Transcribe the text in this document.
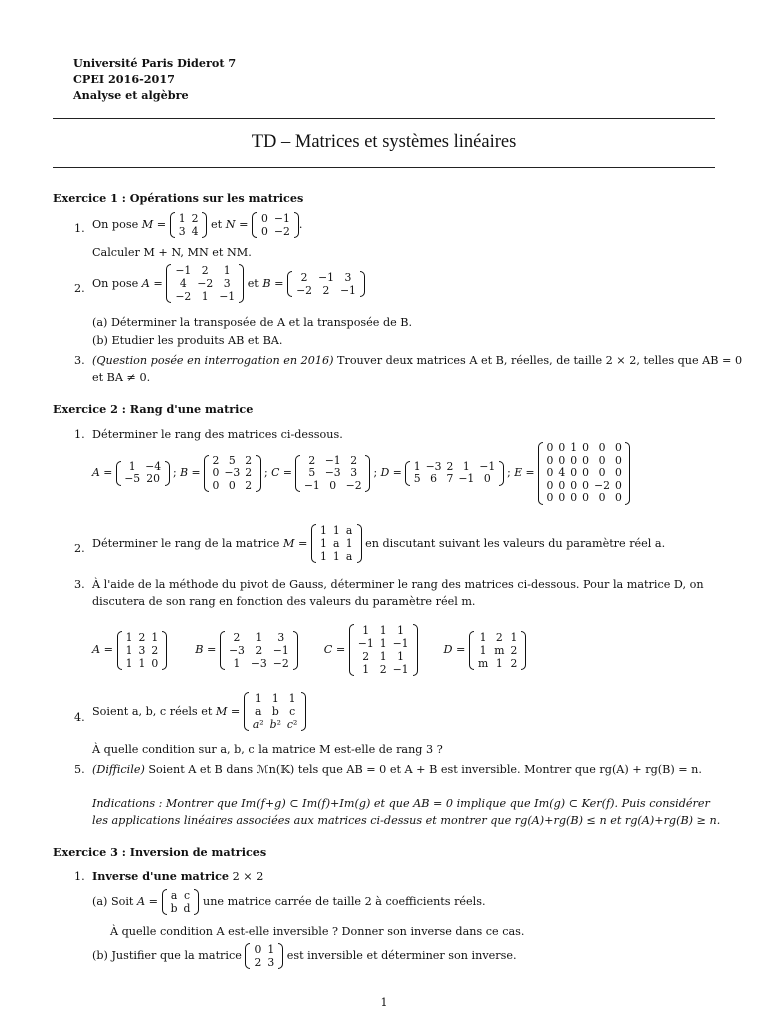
Université Paris Diderot 7
CPEI 2016-2017
Analyse et algèbre
TD – Matrices et systèmes linéaires
Exercice 1 : Opérations sur les matrices
1. On pose
M = 1	2
3	4

et
N = 0	−1
0	−2
.
Calculer M + N, MN et NM.
2. On pose
A =
−1	2	1
4	−2	3
−2	1	−1

et
B = 2	−1	3
−2	2	−1
(a) Déterminer la transposée de A et la transposée de B.
(b) Etudier les produits AB et BA.
3. (Question posée en interrogation en 2016) Trouver deux matrices A et B, réelles, de taille 2 × 2, telles que AB = 0
et BA ≠ 0.
Exercice 2 : Rang d'une matrice
1. Déterminer le rang des matrices ci-dessous.
A = 1	−4
−5	20 ; B =
2	5	2
0	−3	2
0	0	2
; C =
2	−1	2
5	−3	3
−1	0	−2
; D = 1	−3	2	1	−1
5	6	7	−1	0 ; E =
0	0	1	0	0	0
0	0	0	0	0	0
0	4	0	0	0	0
0	0	0	0	−2	0
0	0	0	0	0	0
2. Déterminer le rang de la matrice
M =
1	1	a
1	a	1
1	1	a

en discutant suivant les valeurs du paramètre réel a.
3. À l'aide de la méthode du pivot de Gauss, déterminer le rang des matrices ci-dessous. Pour la matrice D, on
discutera de son rang en fonction des valeurs du paramètre réel m.
A =
1	2	1
1	3	2
1	1	0
B =
2	1	3
−3	2	−1
1	−3	−2
C =
1	1	1
−1	1	−1
2	1	1
1	2	−1
D =
1	2	1
1	m	2
m	1	2
4. Soient a, b, c réels et
M =
1	1	1
a	b	c
a²	b²	c²
À quelle condition sur a, b, c la matrice M est-elle de rang 3 ?
5. (Difficile) Soient A et B dans ℳn(𝕂) tels que AB = 0 et A + B est inversible. Montrer que rg(A) + rg(B) = n.
Indications : Montrer que Im(f+g) ⊂ Im(f)+Im(g) et que AB = 0 implique que Im(g) ⊂ Ker(f). Puis considérer
les applications linéaires associées aux matrices ci-dessus et montrer que rg(A)+rg(B) ≤ n et rg(A)+rg(B) ≥ n.
Exercice 3 : Inversion de matrices
1. Inverse d'une matrice 2 × 2
(a) Soit
A = a	c
b	d

une matrice carrée de taille 2 à coefficients réels.
À quelle condition A est-elle inversible ? Donner son inverse dans ce cas.
(b) Justifier que la matrice
0	1
2	3

est inversible et déterminer son inverse.
1
